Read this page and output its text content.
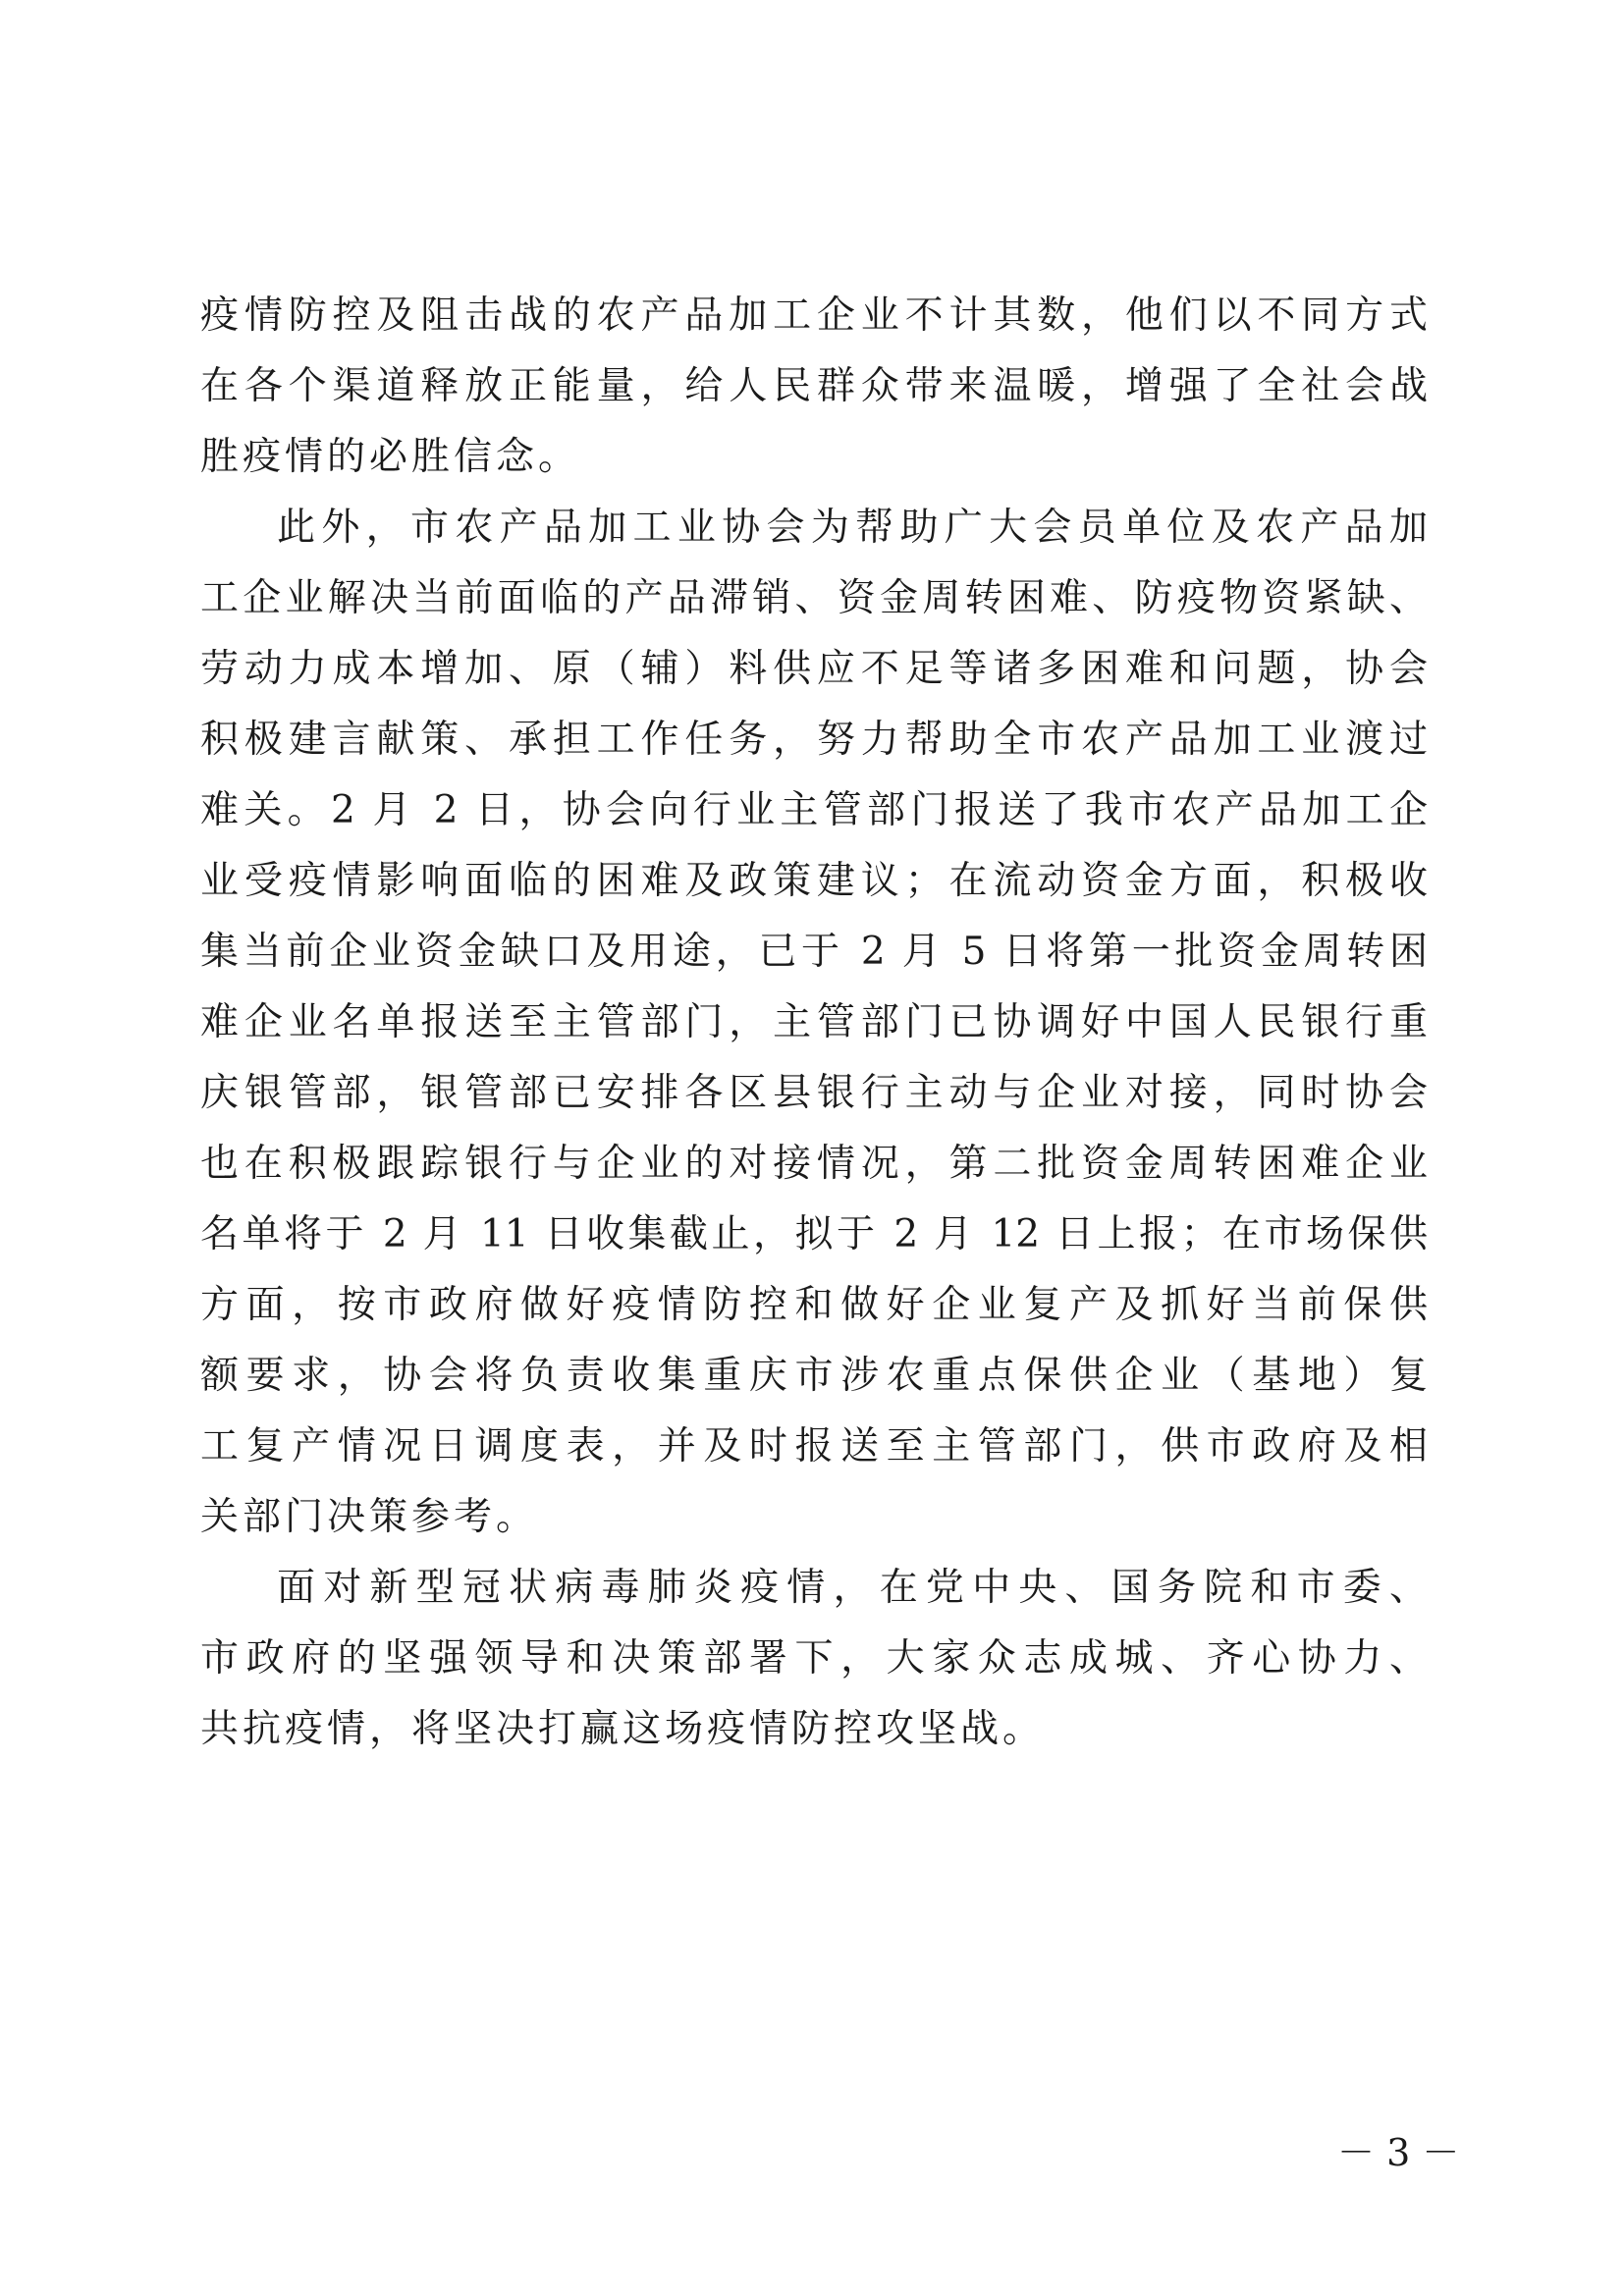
疫情防控及阻击战的农产品加工企业不计其数，他们以不同方式
在各个渠道释放正能量，给人民群众带来温暖，增强了全社会战
胜疫情的必胜信念。
此外，市农产品加工业协会为帮助广大会员单位及农产品加
工企业解决当前面临的产品滞销、资金周转困难、防疫物资紧缺、
劳动力成本增加、原（辅）料供应不足等诸多困难和问题，协会
积极建言献策、承担工作任务，努力帮助全市农产品加工业渡过
难关。2 月 2 日，协会向行业主管部门报送了我市农产品加工企
业受疫情影响面临的困难及政策建议；在流动资金方面，积极收
集当前企业资金缺口及用途，已于 2 月 5 日将第一批资金周转困
难企业名单报送至主管部门，主管部门已协调好中国人民银行重
庆银管部，银管部已安排各区县银行主动与企业对接，同时协会
也在积极跟踪银行与企业的对接情况，第二批资金周转困难企业
名单将于 2 月 11 日收集截止，拟于 2 月 12 日上报；在市场保供
方面，按市政府做好疫情防控和做好企业复产及抓好当前保供
额要求，协会将负责收集重庆市涉农重点保供企业（基地）复
工复产情况日调度表，并及时报送至主管部门，供市政府及相
关部门决策参考。
面对新型冠状病毒肺炎疫情，在党中央、国务院和市委、
市政府的坚强领导和决策部署下，大家众志成城、齐心协力、
共抗疫情，将坚决打赢这场疫情防控攻坚战。
－ 3 －
